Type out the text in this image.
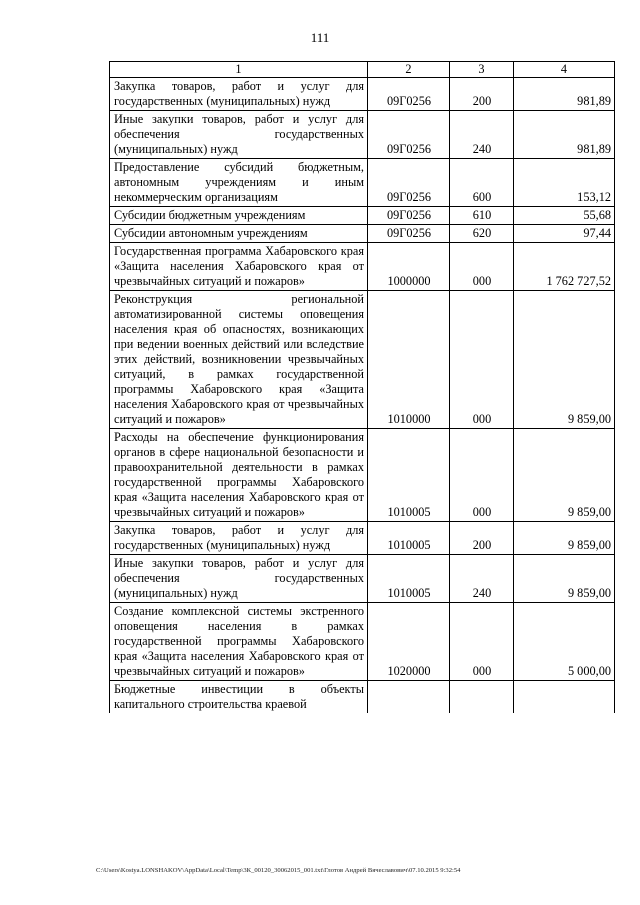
111
1	2	3	4
Закупка товаров, работ и услуг для государственных (муниципальных) нужд	09Г0256	200	981,89
Иные закупки товаров, работ и услуг для обеспечения государственных (муниципальных) нужд	09Г0256	240	981,89
Предоставление субсидий бюджетным, автономным учреждениям и иным некоммерческим организациям	09Г0256	600	153,12
Субсидии бюджетным учреждениям	09Г0256	610	55,68
Субсидии автономным учреждениям	09Г0256	620	97,44
Государственная программа Хабаровского края «Защита населения Хабаровского края от чрезвычайных ситуаций и пожаров»	1000000	000	1 762 727,52
Реконструкция региональной автоматизированной системы оповещения населения края об опасностях, возникающих при ведении военных действий или вследствие этих действий, возникновении чрезвычайных ситуаций, в рамках государственной программы Хабаровского края «Защита населения Хабаровского края от чрезвычайных ситуаций и пожаров»	1010000	000	9 859,00
Расходы на обеспечение функционирования органов в сфере национальной безопасности и правоохранительной деятельности в рамках государственной программы Хабаровского края «Защита населения Хабаровского края от чрезвычайных ситуаций и пожаров»	1010005	000	9 859,00
Закупка товаров, работ и услуг для государственных (муниципальных) нужд	1010005	200	9 859,00
Иные закупки товаров, работ и услуг для обеспечения государственных (муниципальных) нужд	1010005	240	9 859,00
Создание комплексной системы экстренного оповещения населения в рамках государственной программы Хабаровского края «Защита населения Хабаровского края от чрезвычайных ситуаций и пожаров»	1020000	000	5 000,00
Бюджетные инвестиции в объекты капитального строительства краевой			
C:\Users\Kostya.LONSHAKOV\AppData\Local\Temp\3К_00120_30062015_001.txt\Глотов Андрей Вячеславович\07.10.2015 9:32:54
